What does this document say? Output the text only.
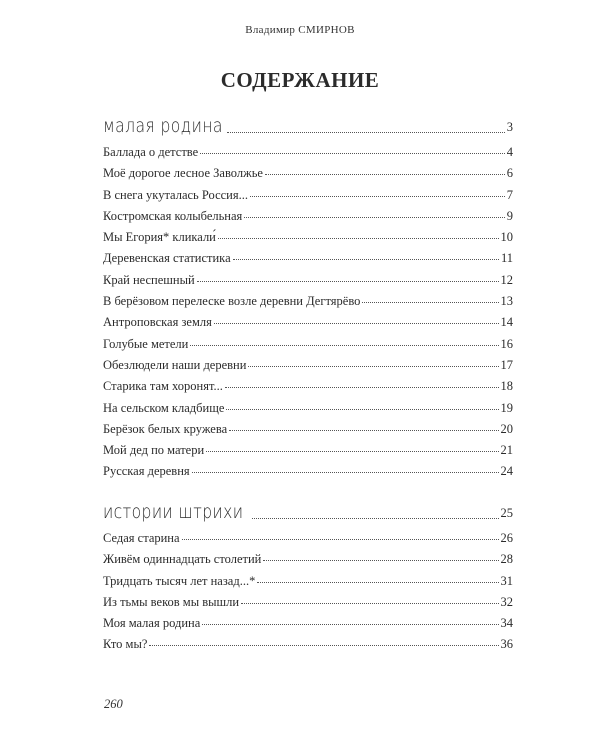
Владимир СМИРНОВ
СОДЕРЖАНИЕ
малая родина	3
Баллада о детстве	4
Моё дорогое лесное Заволжье	6
В снега укуталась Россия...	7
Костромская колыбельная	9
Мы Егория* кликали́	10
Деревенская статистика	11
Край неспешный	12
В берёзовом перелеске возле деревни Дегтярёво	13
Антроповская земля	14
Голубые метели	16
Обезлюдели наши деревни	17
Старика там хоронят...	18
На сельском кладбище	19
Берёзок белых кружева	20
Мой дед по матери	21
Русская деревня	24
истории штрихи	25
Седая старина	26
Живём одиннадцать столетий	28
Тридцать тысяч лет назад...*	31
Из тьмы веков мы вышли	32
Моя малая родина	34
Кто мы?	36
260
